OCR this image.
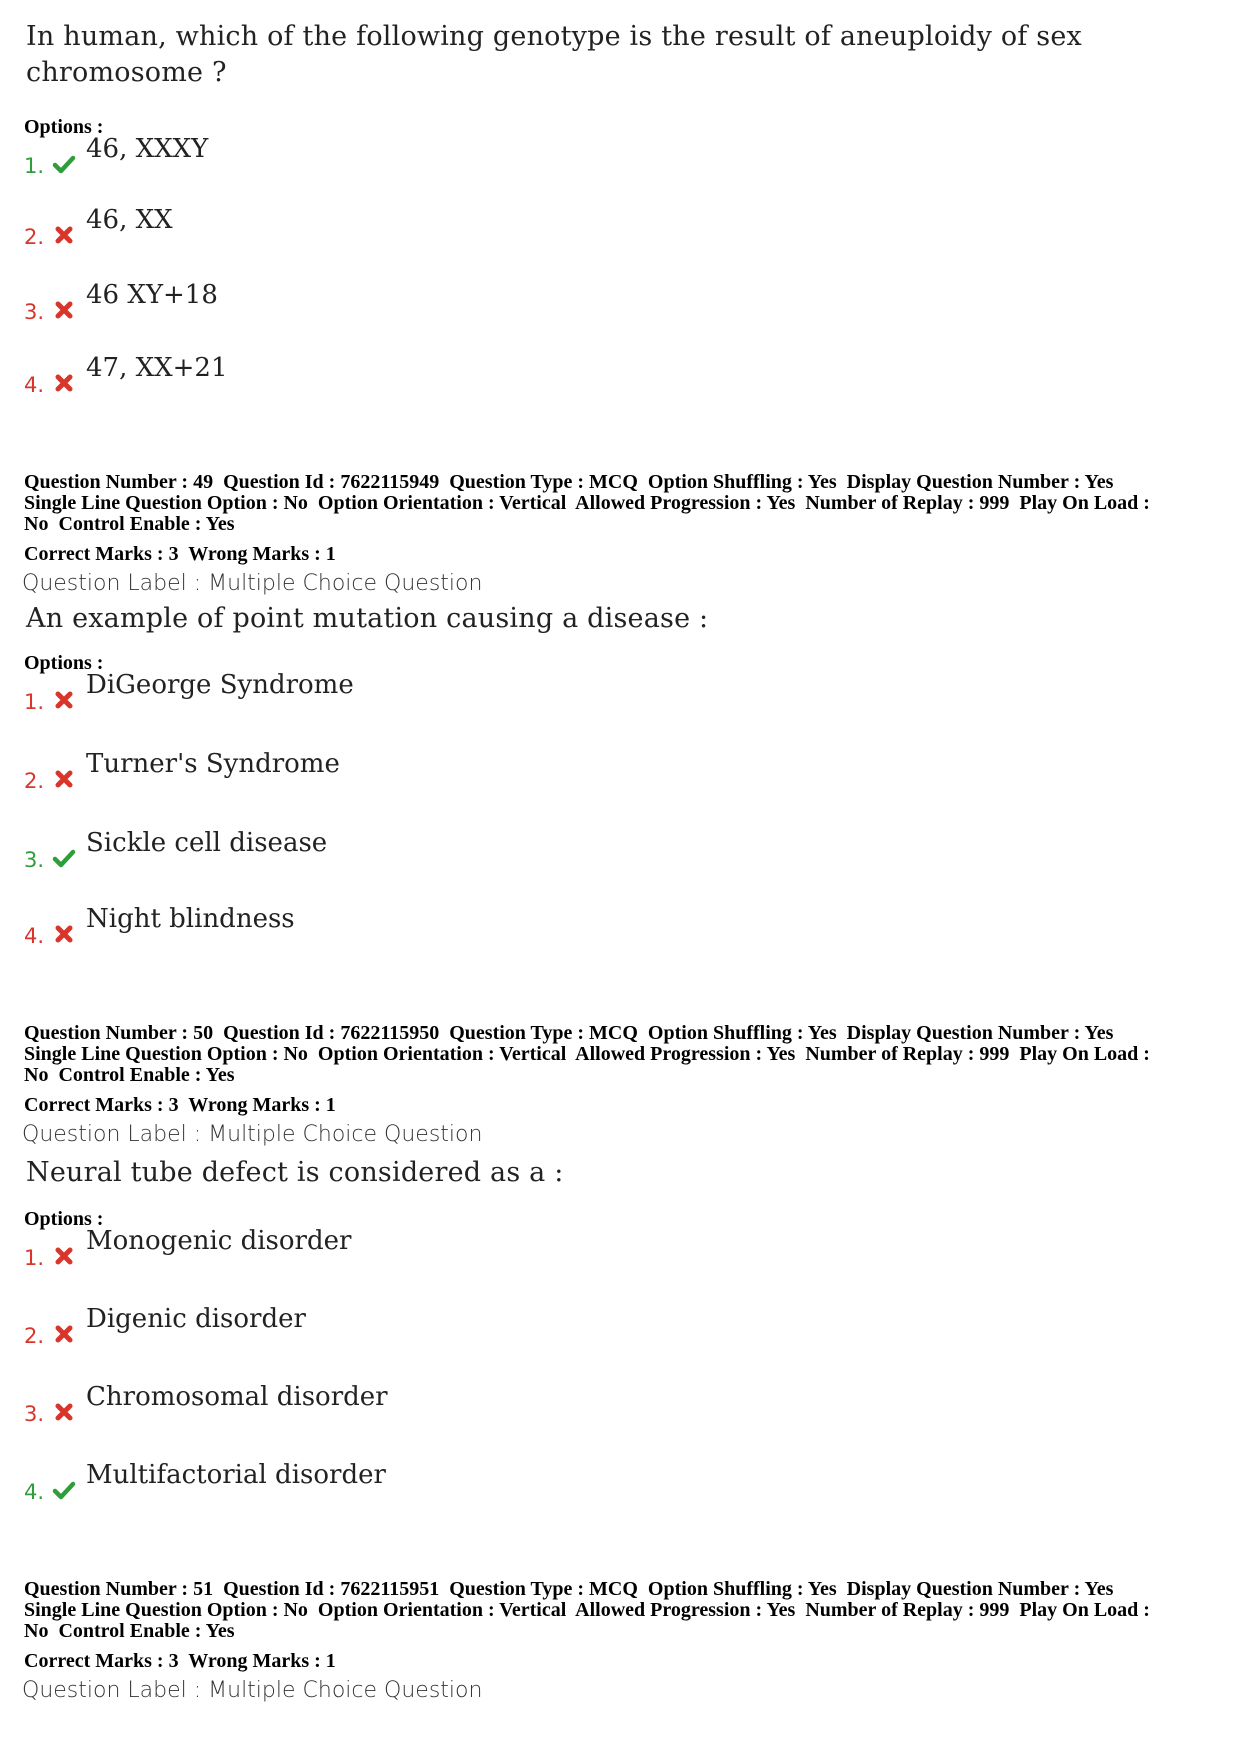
In human, which of the following genotype is the result of aneuploidy of sex
chromosome ?
Options :
1.
46, XXXY
2.
46, XX
3.
46 XY+18
4.
47, XX+21
Question Number : 49  Question Id : 7622115949  Question Type : MCQ  Option Shuffling : Yes  Display Question Number : Yes
Single Line Question Option : No  Option Orientation : Vertical  Allowed Progression : Yes  Number of Replay : 999  Play On Load :
No  Control Enable : Yes
Correct Marks : 3  Wrong Marks : 1
Question Label : Multiple Choice Question
An example of point mutation causing a disease :
Options :
1.
DiGeorge Syndrome
2.
Turner's Syndrome
3.
Sickle cell disease
4.
Night blindness
Question Number : 50  Question Id : 7622115950  Question Type : MCQ  Option Shuffling : Yes  Display Question Number : Yes
Single Line Question Option : No  Option Orientation : Vertical  Allowed Progression : Yes  Number of Replay : 999  Play On Load :
No  Control Enable : Yes
Correct Marks : 3  Wrong Marks : 1
Question Label : Multiple Choice Question
Neural tube defect is considered as a :
Options :
1.
Monogenic disorder
2.
Digenic disorder
3.
Chromosomal disorder
4.
Multifactorial disorder
Question Number : 51  Question Id : 7622115951  Question Type : MCQ  Option Shuffling : Yes  Display Question Number : Yes
Single Line Question Option : No  Option Orientation : Vertical  Allowed Progression : Yes  Number of Replay : 999  Play On Load :
No  Control Enable : Yes
Correct Marks : 3  Wrong Marks : 1
Question Label : Multiple Choice Question
